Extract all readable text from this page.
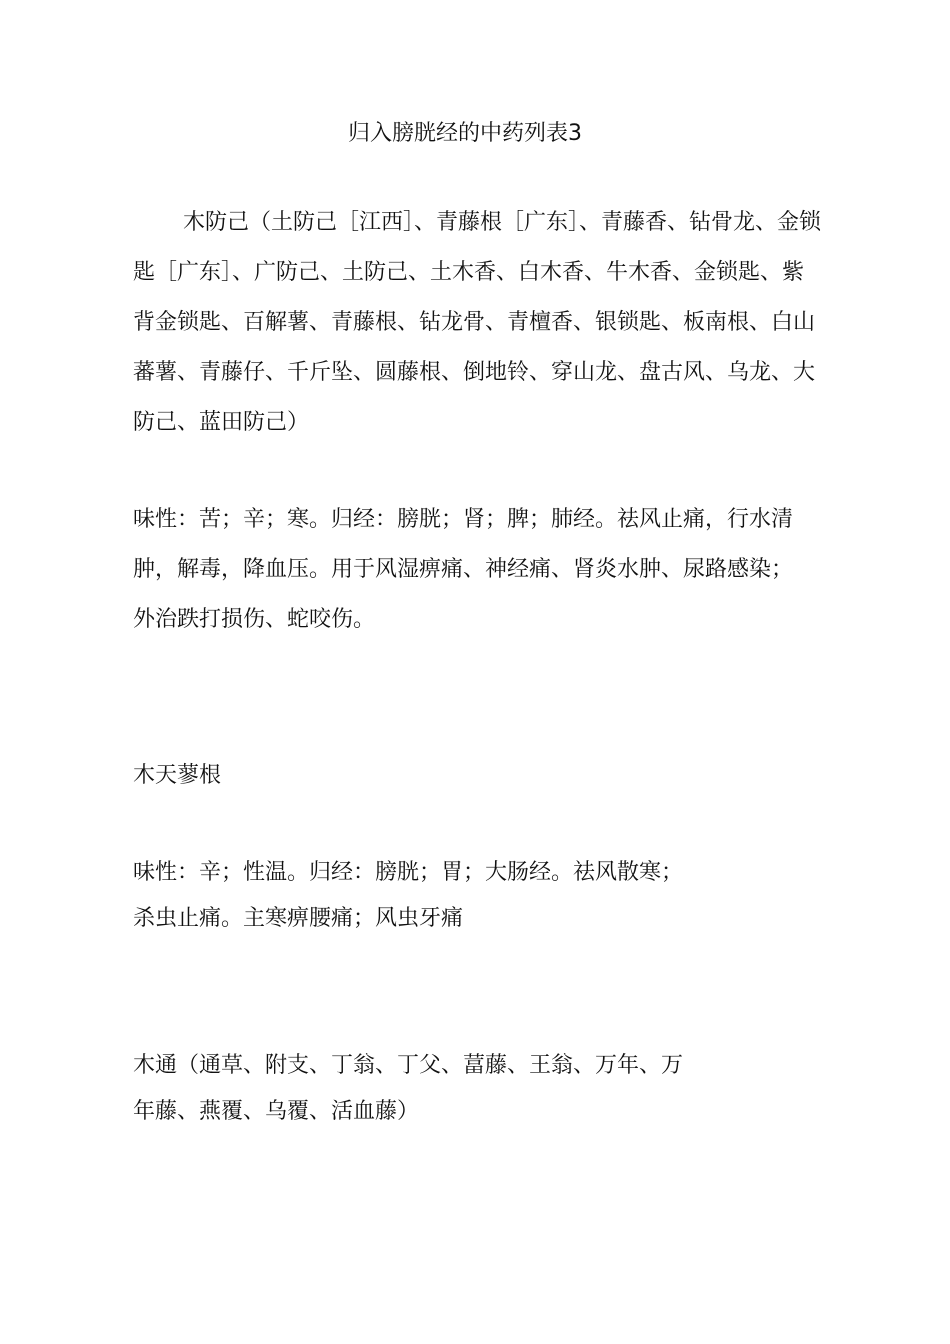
归入膀胱经的中药列表3

木防己（土防己［江西］、青藤根［广东］、青藤香、钻骨龙、金锁匙［广东］、广防己、土防己、土木香、白木香、牛木香、金锁匙、紫背金锁匙、百解薯、青藤根、钻龙骨、青檀香、银锁匙、板南根、白山蕃薯、青藤仔、千斤坠、圆藤根、倒地铃、穿山龙、盘古风、乌龙、大防己、蓝田防己）

味性：苦；辛；寒。归经：膀胱；肾；脾；肺经。祛风止痛，行水清肿，解毒，降血压。用于风湿痹痛、神经痛、肾炎水肿、尿路感染；外治跌打损伤、蛇咬伤。

木天蓼根

味性：辛；性温。归经：膀胱；胃；大肠经。祛风散寒；
杀虫止痛。主寒痹腰痛；风虫牙痛
木通（通草、附支、丁翁、丁父、葍藤、王翁、万年、万
年藤、燕覆、乌覆、活血藤）
